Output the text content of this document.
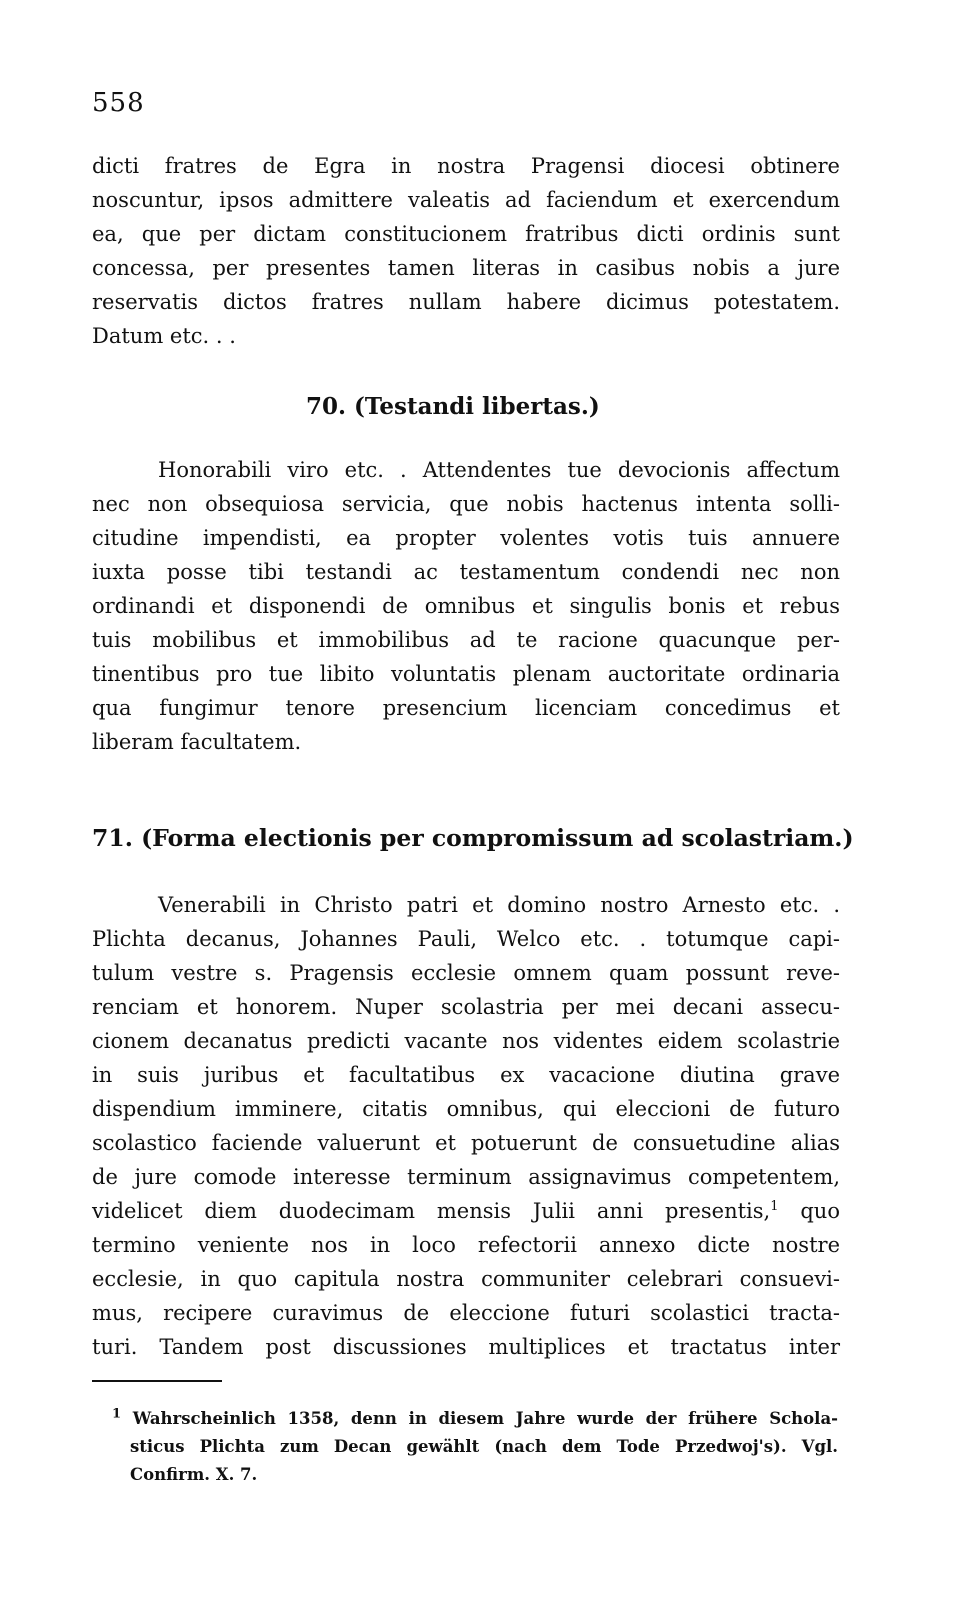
558
dicti fratres de Egra in nostra Pragensi diocesi obtinere
noscuntur, ipsos admittere valeatis ad faciendum et exercendum
ea, que per dictam constitucionem fratribus dicti ordinis sunt
concessa, per presentes tamen literas in casibus nobis a jure
reservatis dictos fratres nullam habere dicimus potestatem.
Datum etc. . .
70. (Testandi libertas.)
Honorabili viro etc. . Attendentes tue devocionis affectum
nec non obsequiosa servicia, que nobis hactenus intenta solli-
citudine impendisti, ea propter volentes votis tuis annuere
iuxta posse tibi testandi ac testamentum condendi nec non
ordinandi et disponendi de omnibus et singulis bonis et rebus
tuis mobilibus et immobilibus ad te racione quacunque per-
tinentibus pro tue libito voluntatis plenam auctoritate ordinaria
qua fungimur tenore presencium licenciam concedimus et
liberam facultatem.
71. (Forma electionis per compromissum ad scolastriam.)
Venerabili in Christo patri et domino nostro Arnesto etc. .
Plichta decanus, Johannes Pauli, Welco etc. . totumque capi-
tulum vestre s. Pragensis ecclesie omnem quam possunt reve-
renciam et honorem. Nuper scolastria per mei decani assecu-
cionem decanatus predicti vacante nos videntes eidem scolastrie
in suis juribus et facultatibus ex vacacione diutina grave
dispendium imminere, citatis omnibus, qui eleccioni de futuro
scolastico faciende valuerunt et potuerunt de consuetudine alias
de jure comode interesse terminum assignavimus competentem,
videlicet diem duodecimam mensis Julii anni presentis,$^1$ quo
termino veniente nos in loco refectorii annexo dicte nostre
ecclesie, in quo capitula nostra communiter celebrari consuevi-
mus, recipere curavimus de eleccione futuri scolastici tracta-
turi. Tandem post discussiones multiplices et tractatus inter
$^1$ Wahrscheinlich 1358, denn in diesem Jahre wurde der frühere Schola-
sticus Plichta zum Decan gewählt (nach dem Tode Przedwoj's). Vgl.
Confirm. X. 7.
